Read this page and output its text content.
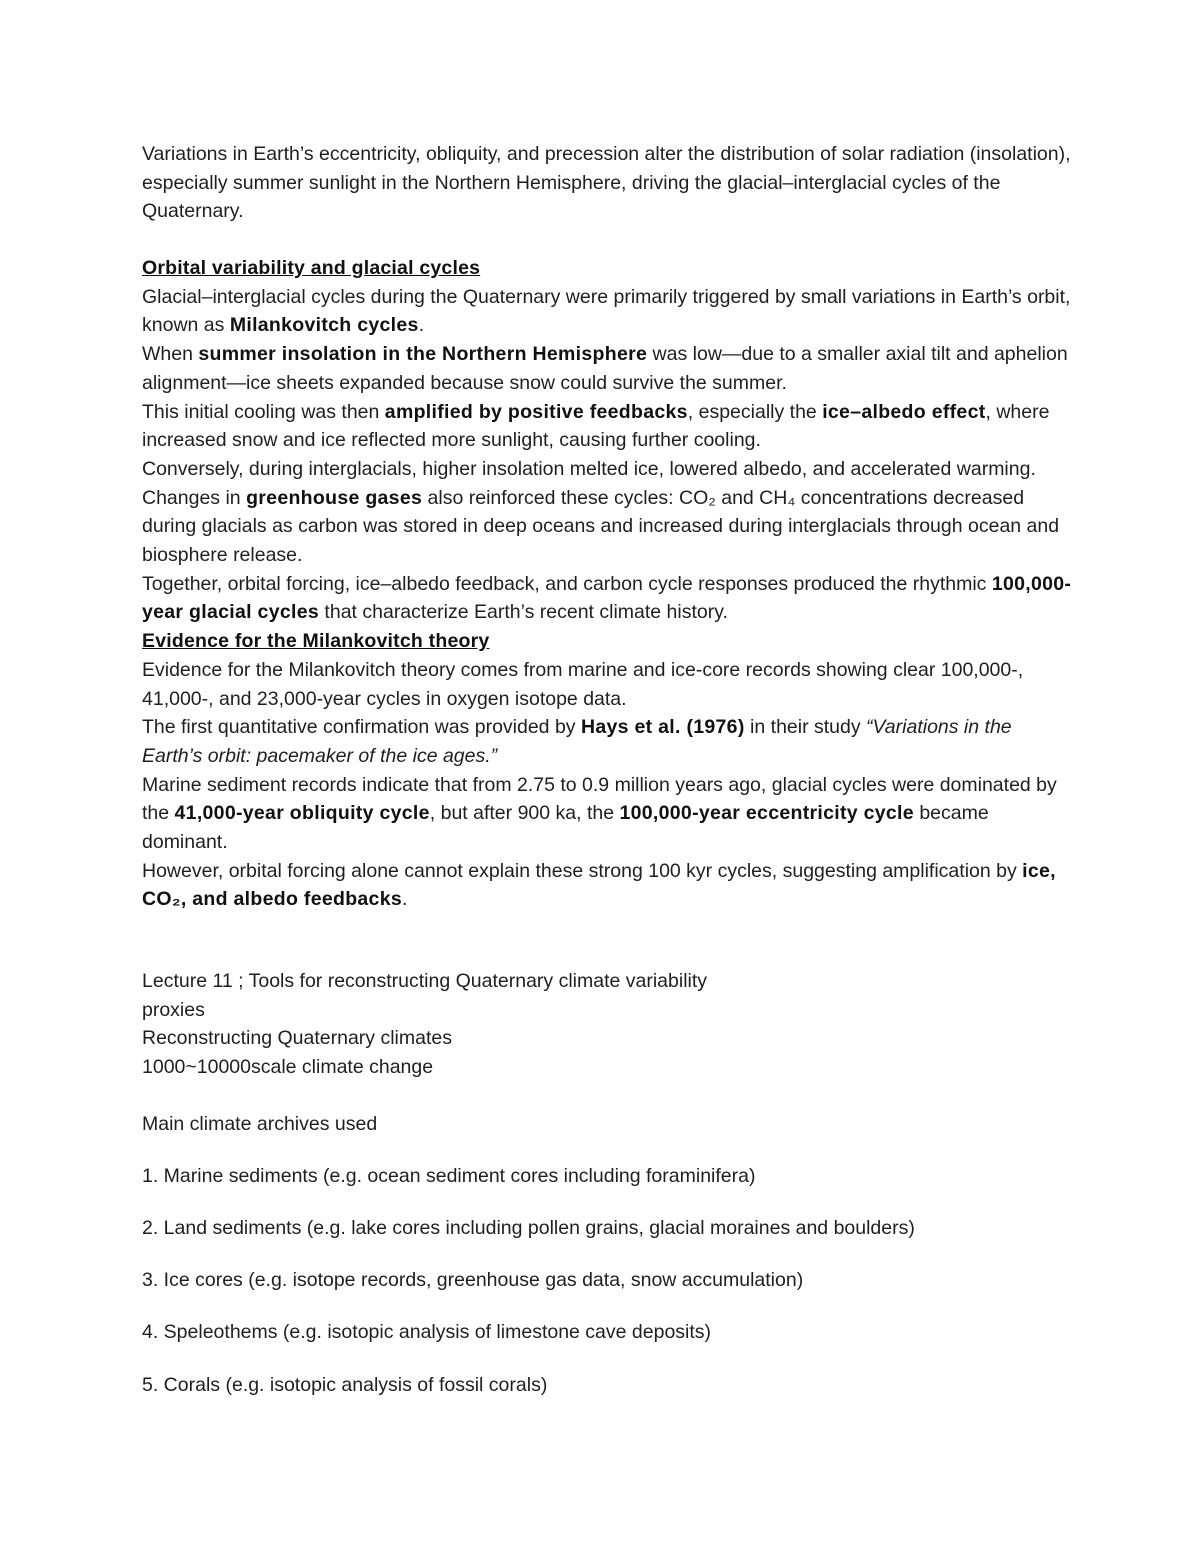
Variations in Earth’s eccentricity, obliquity, and precession alter the distribution of solar radiation (insolation), especially summer sunlight in the Northern Hemisphere, driving the glacial–interglacial cycles of the Quaternary.

Orbital variability and glacial cycles

Glacial–interglacial cycles during the Quaternary were primarily triggered by small variations in Earth’s orbit, known as Milankovitch cycles.

When summer insolation in the Northern Hemisphere was low—due to a smaller axial tilt and aphelion alignment—ice sheets expanded because snow could survive the summer.

This initial cooling was then amplified by positive feedbacks, especially the ice–albedo effect, where increased snow and ice reflected more sunlight, causing further cooling.

Conversely, during interglacials, higher insolation melted ice, lowered albedo, and accelerated warming.

Changes in greenhouse gases also reinforced these cycles: CO₂ and CH₄ concentrations decreased during glacials as carbon was stored in deep oceans and increased during interglacials through ocean and biosphere release.

Together, orbital forcing, ice–albedo feedback, and carbon cycle responses produced the rhythmic 100,000-year glacial cycles that characterize Earth’s recent climate history.

Evidence for the Milankovitch theory

Evidence for the Milankovitch theory comes from marine and ice-core records showing clear 100,000-, 41,000-, and 23,000-year cycles in oxygen isotope data.

The first quantitative confirmation was provided by Hays et al. (1976) in their study “Variations in the Earth’s orbit: pacemaker of the ice ages.”

Marine sediment records indicate that from 2.75 to 0.9 million years ago, glacial cycles were dominated by the 41,000-year obliquity cycle, but after 900 ka, the 100,000-year eccentricity cycle became dominant.

However, orbital forcing alone cannot explain these strong 100 kyr cycles, suggesting amplification by ice, CO₂, and albedo feedbacks.

Lecture 11 ; Tools for reconstructing Quaternary climate variability

proxies

Reconstructing Quaternary climates

1000~10000scale climate change

Main climate archives used
1. Marine sediments (e.g. ocean sediment cores including foraminifera)
2. Land sediments (e.g. lake cores including pollen grains, glacial moraines and boulders)
3. Ice cores (e.g. isotope records, greenhouse gas data, snow accumulation)
4. Speleothems (e.g. isotopic analysis of limestone cave deposits)
5. Corals (e.g. isotopic analysis of fossil corals)
